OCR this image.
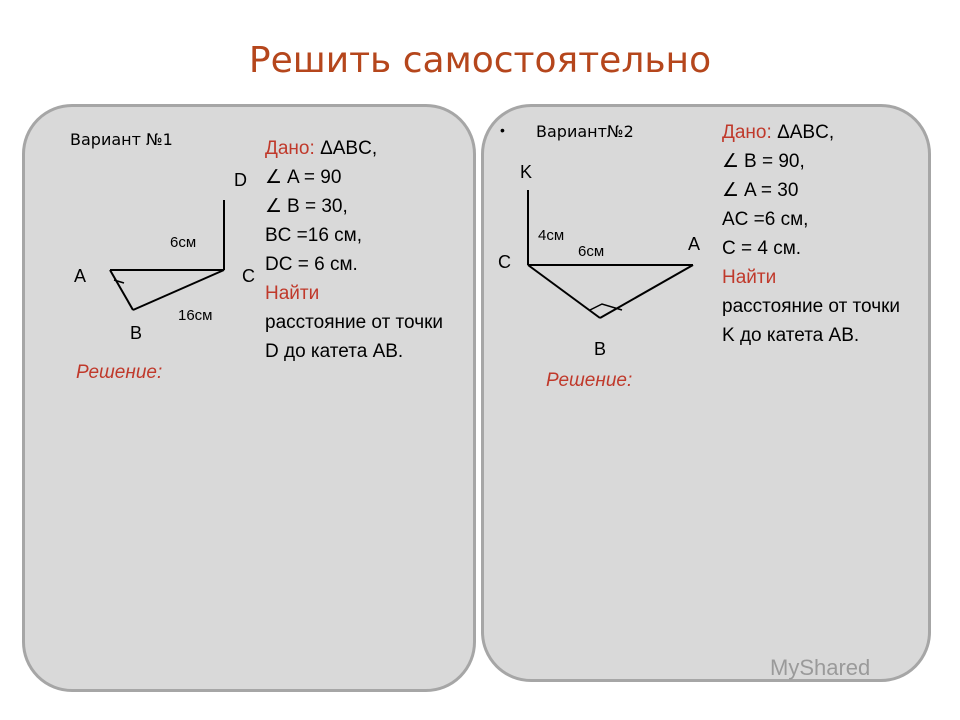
Решить самостоятельно
Вариант №1
D
A	C
B
6см
16см
Дано: ΔABC,
∠ A = 90
∠ B = 30,
BC =16 см,
DC = 6 см.
Найти
расстояние от точки D до катета AB.
Решение:
• Вариант№2
K
C
A
B
4см
6см
Дано: ΔABC,
∠ B = 90,
∠ A = 30
AC =6 см,
C = 4 см.
Найти
расстояние от точки K до катета AB.
Решение:
MyShared
